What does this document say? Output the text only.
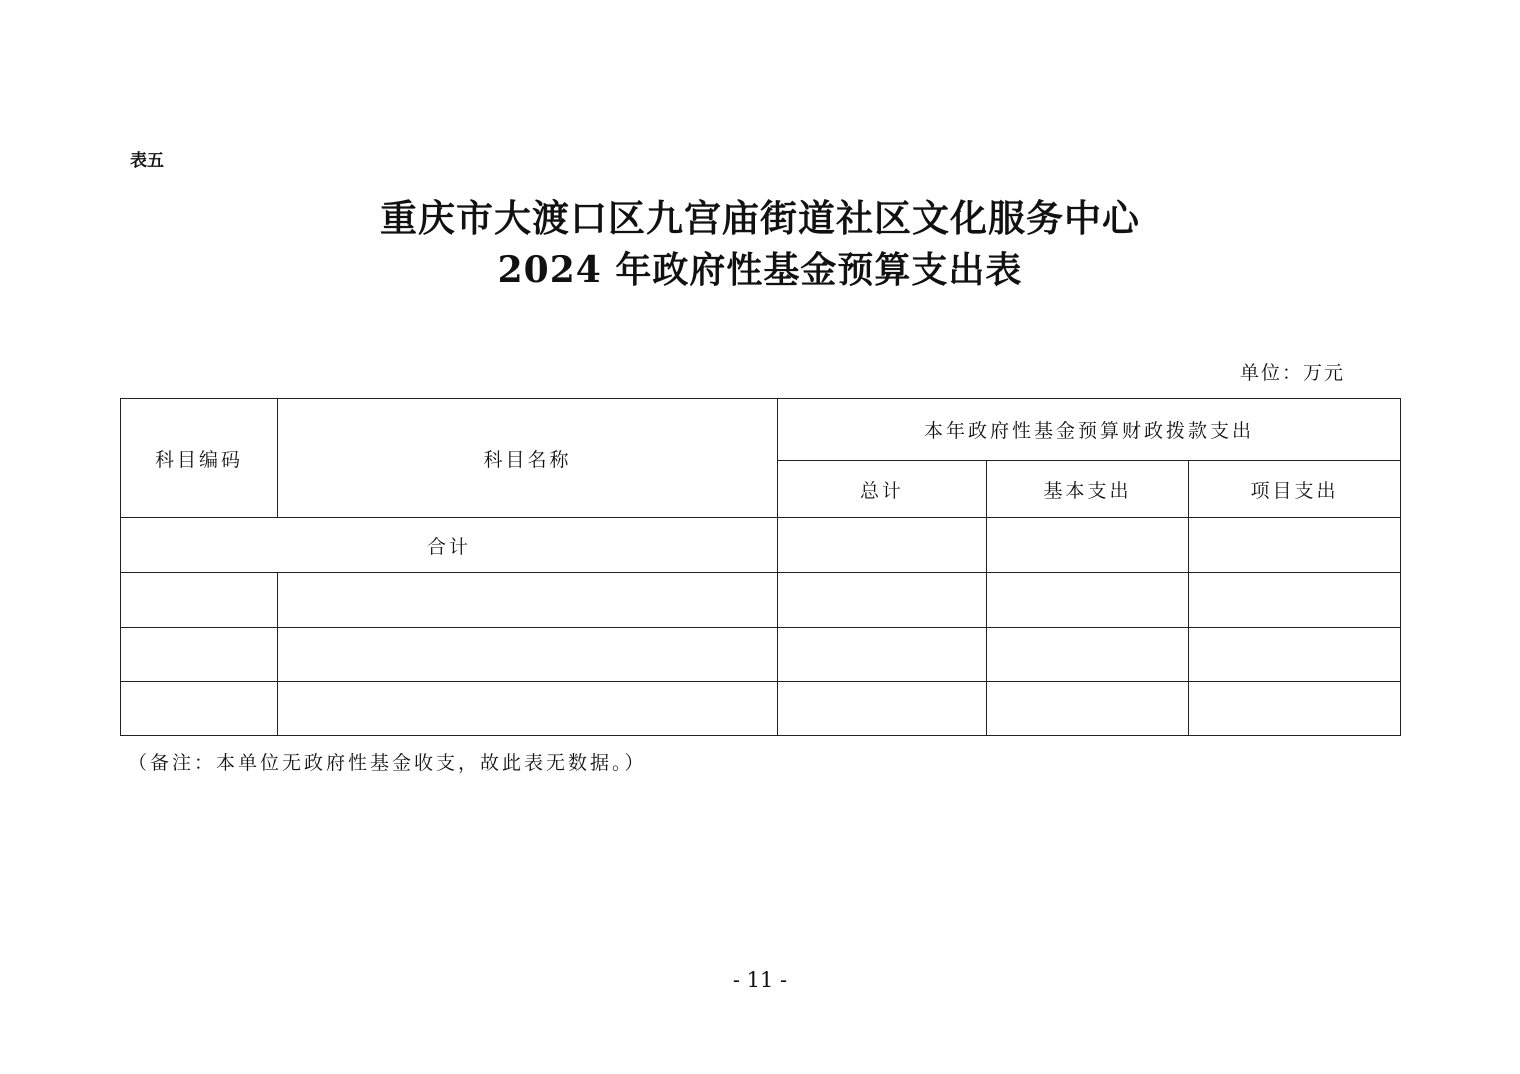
表五
重庆市大渡口区九宫庙街道社区文化服务中心
2024 年政府性基金预算支出表
单位：万元
科目编码	科目名称	本年政府性基金预算财政拨款支出		
		总计	基本支出	项目支出
合计				

（备注：本单位无政府性基金收支，故此表无数据。）
- 11 -
